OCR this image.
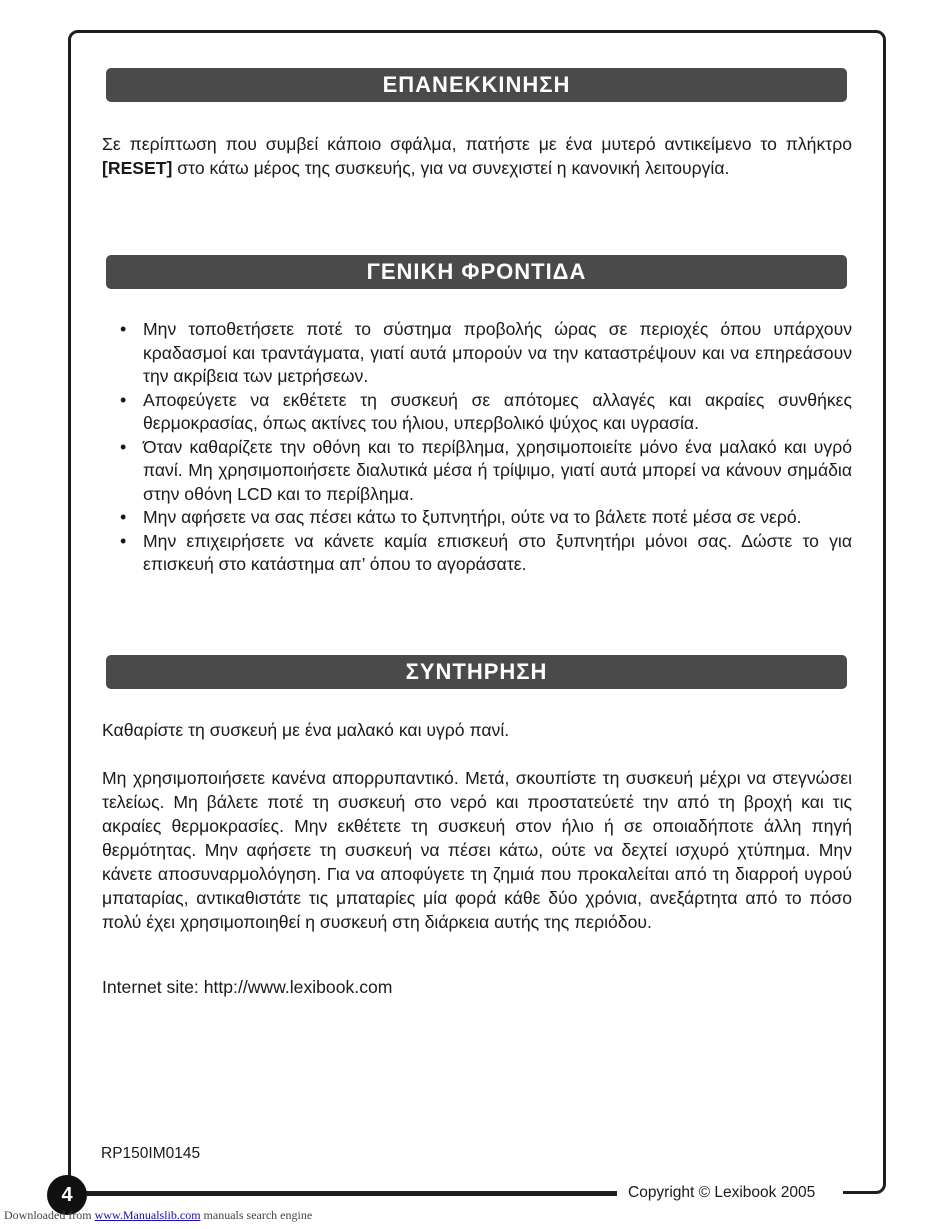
ΕΠΑΝΕΚΚΙΝΗΣΗ

Σε περίπτωση που συμβεί κάποιο σφάλμα, πατήστε με ένα μυτερό αντικείμενο το πλήκτρο [RESET] στο κάτω μέρος της συσκευής, για να συνεχιστεί η κανονική λειτουργία.

ΓΕΝΙΚΗ ΦΡΟΝΤΙΔΑ
• Μην τοποθετήσετε ποτέ το σύστημα προβολής ώρας σε περιοχές όπου υπάρχουν κραδασμοί και τραντάγματα, γιατί αυτά μπορούν να την καταστρέψουν και να επηρεάσουν την ακρίβεια των μετρήσεων.
• Αποφεύγετε να εκθέτετε τη συσκευή σε απότομες αλλαγές και ακραίες συνθήκες θερμοκρασίας, όπως ακτίνες του ήλιου, υπερβολικό ψύχος και υγρασία.
• Όταν καθαρίζετε την οθόνη και το περίβλημα, χρησιμοποιείτε μόνο ένα μαλακό και υγρό πανί. Μη χρησιμοποιήσετε διαλυτικά μέσα ή τρίψιμο, γιατί αυτά μπορεί να κάνουν σημάδια στην οθόνη LCD και το περίβλημα.
• Μην αφήσετε να σας πέσει κάτω το ξυπνητήρι, ούτε να το βάλετε ποτέ μέσα σε νερό.
• Μην επιχειρήσετε να κάνετε καμία επισκευή στο ξυπνητήρι μόνοι σας. Δώστε το για επισκευή στο κατάστημα απ’ όπου το αγοράσατε.
ΣΥΝΤΗΡΗΣΗ

Καθαρίστε τη συσκευή με ένα μαλακό και υγρό πανί.

Μη χρησιμοποιήσετε κανένα απορρυπαντικό. Μετά, σκουπίστε τη συσκευή μέχρι να στεγνώσει τελείως. Μη βάλετε ποτέ τη συσκευή στο νερό και προστατεύετέ την από τη βροχή και τις ακραίες θερμοκρασίες. Μην εκθέτετε τη συσκευή στον ήλιο ή σε οποιαδήποτε άλλη πηγή θερμότητας. Μην αφήσετε τη συσκευή να πέσει κάτω, ούτε να δεχτεί ισχυρό χτύπημα. Μην κάνετε αποσυναρμολόγηση. Για να αποφύγετε τη ζημιά που προκαλείται από τη διαρροή υγρού μπαταρίας, αντικαθιστάτε τις μπαταρίες μία φορά κάθε δύο χρόνια, ανεξάρτητα από το πόσο πολύ έχει χρησιμοποιηθεί η συσκευή στη διάρκεια αυτής της περιόδου.

Internet site: http://www.lexibook.com

RP150IM0145
4	Copyright © Lexibook 2005
Downloaded from www.Manualslib.com manuals search engine
